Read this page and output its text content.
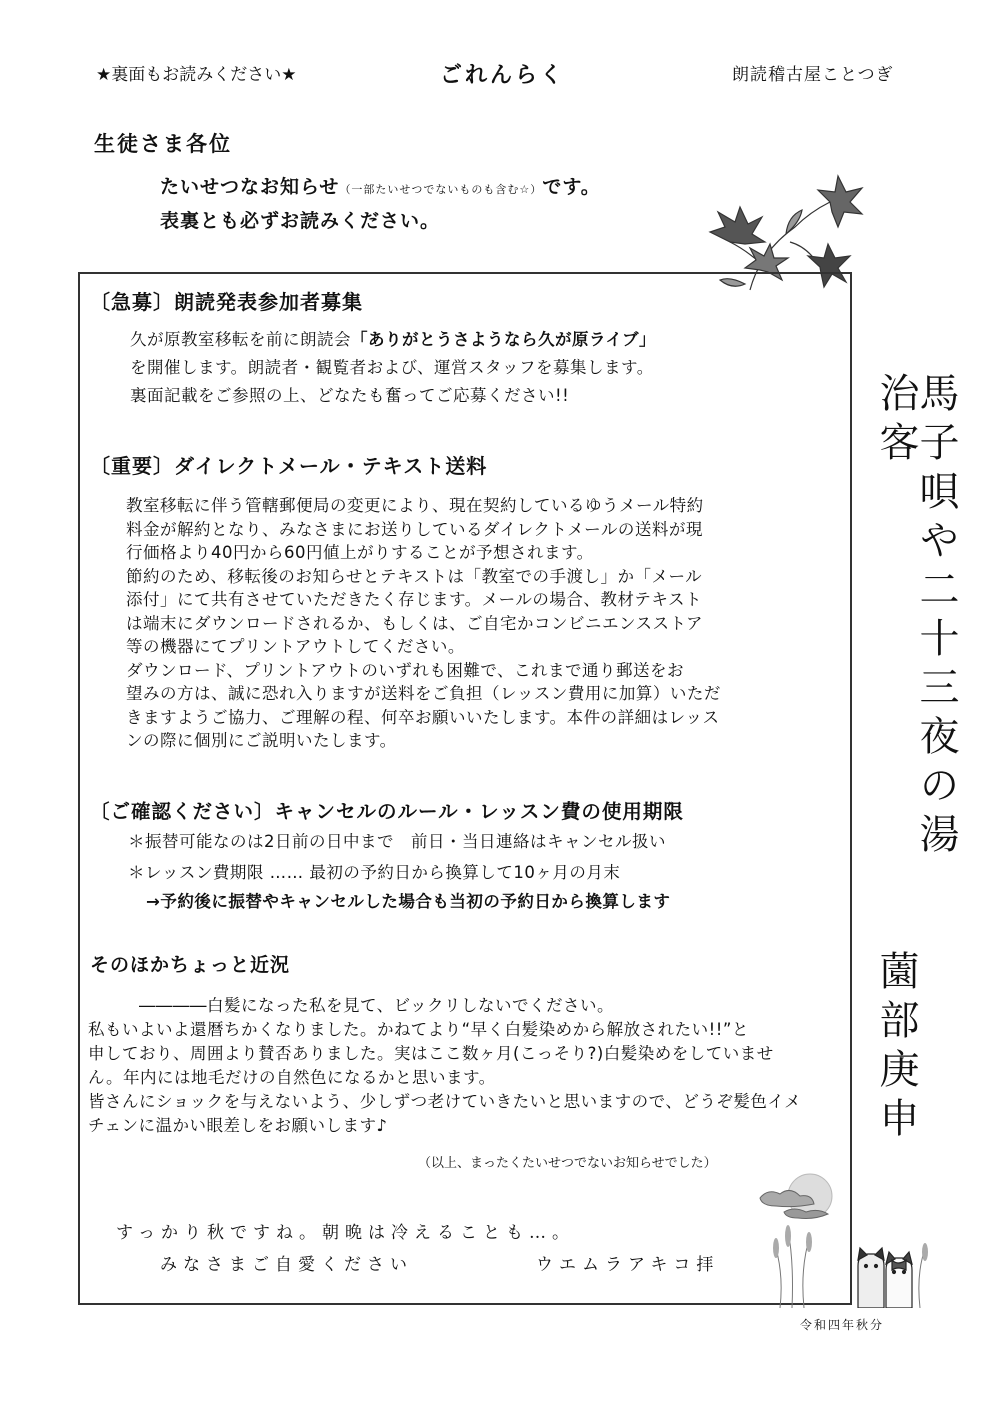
★裏面もお読みください★	ごれんらく	朗読稽古屋ことつぎ
生徒さま各位
たいせつなお知らせ（一部たいせつでないものも含む☆）です。
表裏とも必ずお読みください。
〔急募〕朗読発表参加者募集

久が原教室移転を前に朗読会「ありがとうさようなら久が原ライブ」

を開催します。朗読者・観覧者および、運営スタッフを募集します。

裏面記載をご参照の上、どなたも奮ってご応募ください!!

〔重要〕ダイレクトメール・テキスト送料

教室移転に伴う管轄郵便局の変更により、現在契約しているゆうメール特約

料金が解約となり、みなさまにお送りしているダイレクトメールの送料が現

行価格より40円から60円値上がりすることが予想されます。

節約のため、移転後のお知らせとテキストは「教室での手渡し」か「メール

添付」にて共有させていただきたく存じます。メールの場合、教材テキスト

は端末にダウンロードされるか、もしくは、ご自宅かコンビニエンスストア

等の機器にてプリントアウトしてください。

ダウンロード、プリントアウトのいずれも困難で、これまで通り郵送をお

望みの方は、誠に恐れ入りますが送料をご負担（レッスン費用に加算）いただ

きますようご協力、ご理解の程、何卒お願いいたします。本件の詳細はレッス

ンの際に個別にご説明いたします。

〔ご確認ください〕キャンセルのルール・レッスン費の使用期限

＊振替可能なのは2日前の日中まで　前日・当日連絡はキャンセル扱い

＊レッスン費期限 …… 最初の予約日から換算して10ヶ月の月末

→予約後に振替やキャンセルした場合も当初の予約日から換算します

そのほかちょっと近況

　　　――――白髪になった私を見て、ビックリしないでください。

私もいよいよ還暦ちかくなりました。かねてより“早く白髪染めから解放されたい!!”と

申しており、周囲より賛否ありました。実はここ数ヶ月(こっそり?)白髪染めをしていませ

ん。年内には地毛だけの自然色になるかと思います。

皆さんにショックを与えないよう、少しずつ老けていきたいと思いますので、どうぞ髪色イメ

チェンに温かい眼差しをお願いします♪

（以上、まったくたいせつでないお知らせでした）
すっかり秋ですね。朝晩は冷えることも…。
みなさまご自愛ください	ウエムラアキコ拝
馬子唄や二十三夜の湯治客
薗部庚申
令和四年秋分
